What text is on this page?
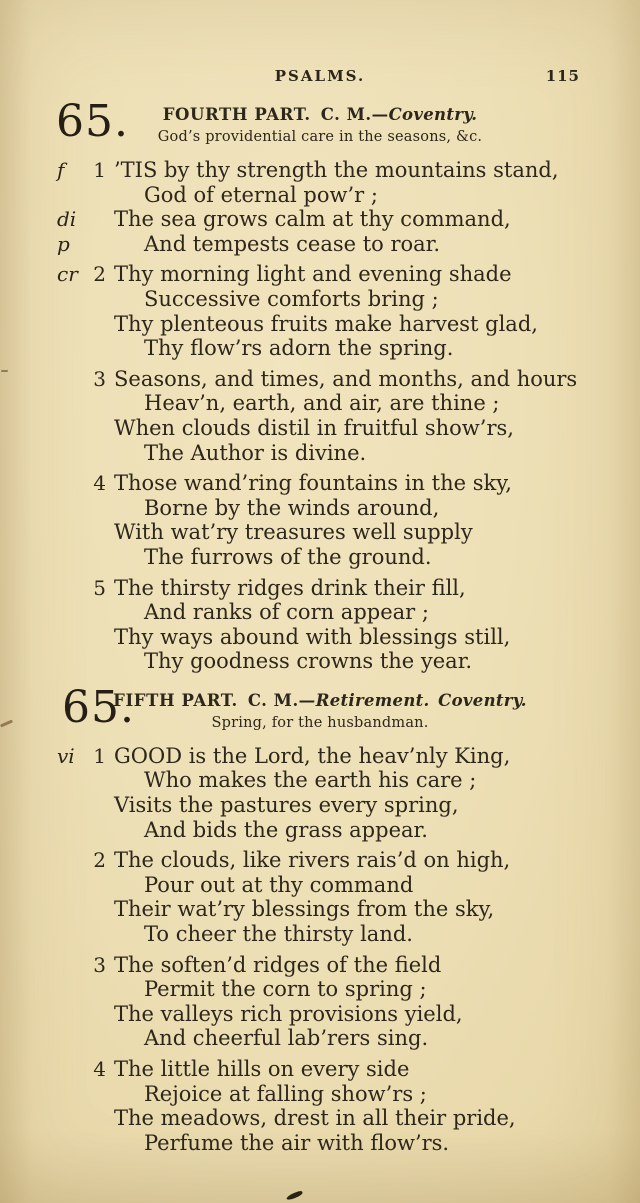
PSALMS.	115
65.	FOURTH PART. C. M.—Coventry.
God’s providential care in the seasons, &c.
f	1 ’TIS by thy strength the mountains stand,
God of eternal pow’r ;
di	The sea grows calm at thy command,
p	And tempests cease to roar.
cr 2 Thy morning light and evening shade
Successive comforts bring ;
Thy plenteous fruits make harvest glad,
Thy flow’rs adorn the spring.
3 Seasons, and times, and months, and hours
Heav’n, earth, and air, are thine ;
When clouds distil in fruitful show’rs,
The Author is divine.
4 Those wand’ring fountains in the sky,
Borne by the winds around,
With wat’ry treasures well supply
The furrows of the ground.
5 The thirsty ridges drink their fill,
And ranks of corn appear ;
Thy ways abound with blessings still,
Thy goodness crowns the year.
65.
FIFTH PART. C. M.—Retirement. Coventry.
Spring, for the husbandman.
vi 1 GOOD is the Lord, the heav’nly King,
Who makes the earth his care ;
Visits the pastures every spring,
And bids the grass appear.
2 The clouds, like rivers rais’d on high,
Pour out at thy command
Their wat’ry blessings from the sky,
To cheer the thirsty land.
3 The soften’d ridges of the field
Permit the corn to spring ;
The valleys rich provisions yield,
And cheerful lab’rers sing.
4 The little hills on every side
Rejoice at falling show’rs ;
The meadows, drest in all their pride,
Perfume the air with flow’rs.
